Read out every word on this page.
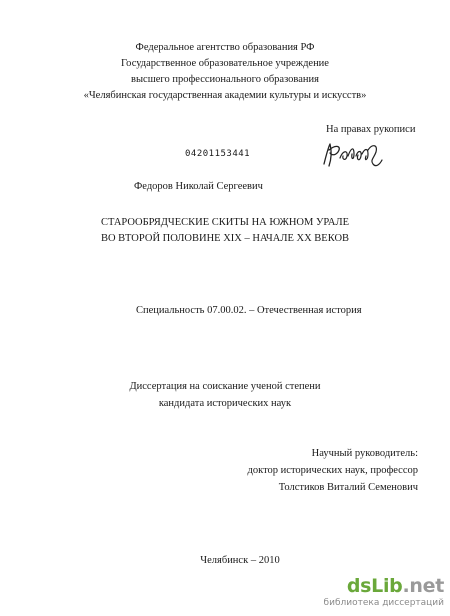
Федеральное агентство образования РФ
Государственное образовательное учреждение
высшего профессионального образования
«Челябинская государственная академии культуры и искусств»
На правах рукописи
04201153441
Федоров Николай Сергеевич
СТАРООБРЯДЧЕСКИЕ СКИТЫ НА ЮЖНОМ УРАЛЕ
ВО ВТОРОЙ ПОЛОВИНЕ XIX – НАЧАЛЕ XX ВЕКОВ
Специальность 07.00.02. – Отечественная история
Диссертация на соискание ученой степени
кандидата исторических наук
Научный руководитель:
доктор исторических наук, профессор
Толстиков Виталий Семенович
Челябинск – 2010
dsLib.net
библиотека диссертаций
